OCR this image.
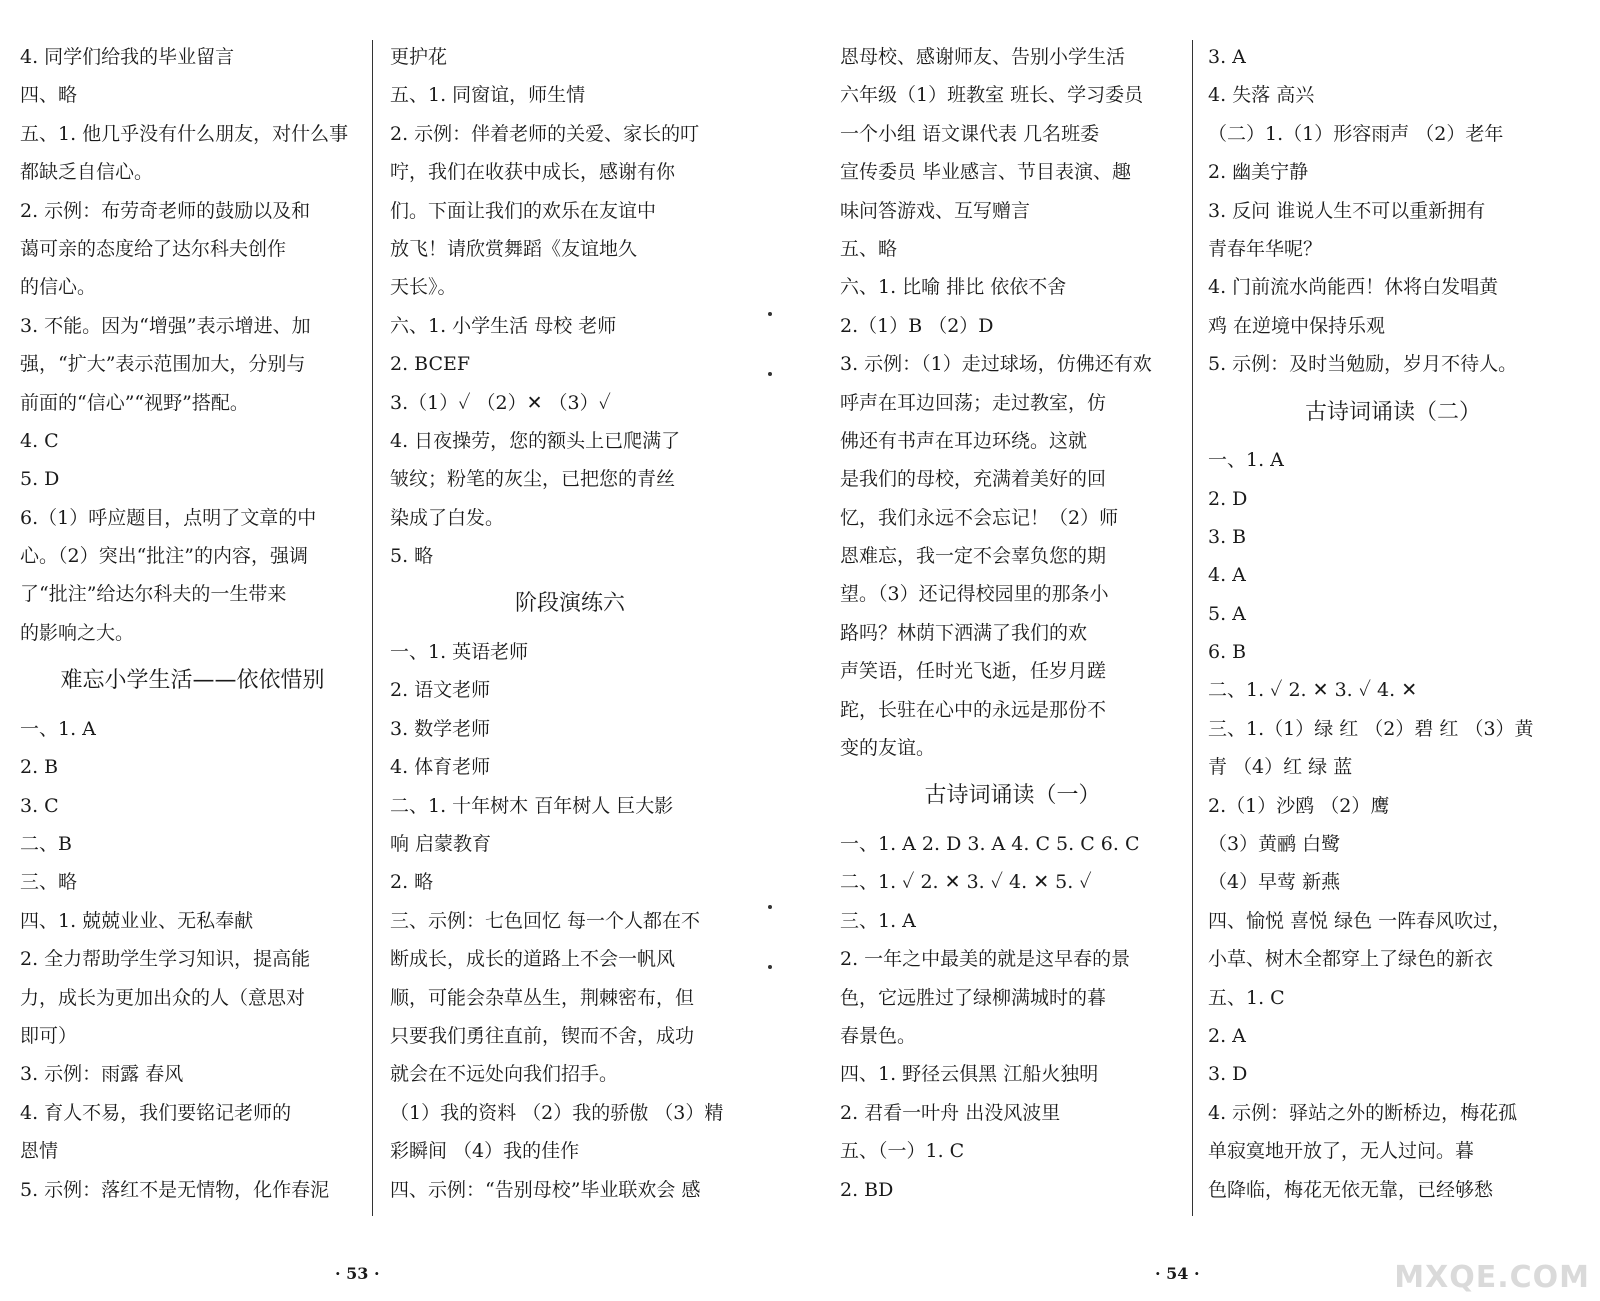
4. 同学们给我的毕业留言
四、略
五、1. 他几乎没有什么朋友，对什么事
都缺乏自信心。
2. 示例：布劳奇老师的鼓励以及和
蔼可亲的态度给了达尔科夫创作
的信心。
3. 不能。因为“增强”表示增进、加
强，“扩大”表示范围加大，分别与
前面的“信心”“视野”搭配。
4. C
5. D
6.（1）呼应题目，点明了文章的中
心。（2）突出“批注”的内容，强调
了“批注”给达尔科夫的一生带来
的影响之大。
难忘小学生活——依依惜别
一、1. A
2. B
3. C
二、B
三、略
四、1. 兢兢业业、无私奉献
2. 全力帮助学生学习知识，提高能
力，成长为更加出众的人（意思对
即可）
3. 示例：雨露 春风
4. 育人不易，我们要铭记老师的
恩情
5. 示例：落红不是无情物，化作春泥
更护花
五、1. 同窗谊，师生情
2. 示例：伴着老师的关爱、家长的叮
咛，我们在收获中成长，感谢有你
们。下面让我们的欢乐在友谊中
放飞！请欣赏舞蹈《友谊地久
天长》。
六、1. 小学生活 母校 老师
2. BCEF
3.（1）✓ （2）✕ （3）✓
4. 日夜操劳，您的额头上已爬满了
皱纹；粉笔的灰尘，已把您的青丝
染成了白发。
5. 略
阶段演练六
一、1. 英语老师
2. 语文老师
3. 数学老师
4. 体育老师
二、1. 十年树木 百年树人 巨大影
响 启蒙教育
2. 略
三、示例：七色回忆 每一个人都在不
断成长，成长的道路上不会一帆风
顺，可能会杂草丛生，荆棘密布，但
只要我们勇往直前，锲而不舍，成功
就会在不远处向我们招手。
（1）我的资料 （2）我的骄傲 （3）精
彩瞬间 （4）我的佳作
四、示例：“告别母校”毕业联欢会 感
· 53 ·
恩母校、感谢师友、告别小学生活
六年级（1）班教室 班长、学习委员
一个小组 语文课代表 几名班委
宣传委员 毕业感言、节目表演、趣
味问答游戏、互写赠言
五、略
六、1. 比喻 排比 依依不舍
2.（1）B （2）D
3. 示例：（1）走过球场，仿佛还有欢
呼声在耳边回荡；走过教室，仿
佛还有书声在耳边环绕。这就
是我们的母校，充满着美好的回
忆，我们永远不会忘记！（2）师
恩难忘，我一定不会辜负您的期
望。（3）还记得校园里的那条小
路吗？林荫下洒满了我们的欢
声笑语，任时光飞逝，任岁月蹉
跎，长驻在心中的永远是那份不
变的友谊。
古诗词诵读（一）
一、1. A 2. D 3. A 4. C 5. C 6. C
二、1. ✓ 2. ✕ 3. ✓ 4. ✕ 5. ✓
三、1. A
2. 一年之中最美的就是这早春的景
色，它远胜过了绿柳满城时的暮
春景色。
四、1. 野径云俱黑 江船火独明
2. 君看一叶舟 出没风波里
五、（一）1. C
2. BD
3. A
4. 失落 高兴
（二）1.（1）形容雨声 （2）老年
2. 幽美宁静
3. 反问 谁说人生不可以重新拥有
青春年华呢？
4. 门前流水尚能西！休将白发唱黄
鸡 在逆境中保持乐观
5. 示例：及时当勉励，岁月不待人。
古诗词诵读（二）
一、1. A
2. D
3. B
4. A
5. A
6. B
二、1. ✓ 2. ✕ 3. ✓ 4. ✕
三、1.（1）绿 红 （2）碧 红 （3）黄
青 （4）红 绿 蓝
2.（1）沙鸥 （2）鹰
（3）黄鹂 白鹭
（4）早莺 新燕
四、愉悦 喜悦 绿色 一阵春风吹过，
小草、树木全都穿上了绿色的新衣
五、1. C
2. A
3. D
4. 示例：驿站之外的断桥边，梅花孤
单寂寞地开放了，无人过问。暮
色降临，梅花无依无靠，已经够愁
· 54 ·	MXQE.COM
